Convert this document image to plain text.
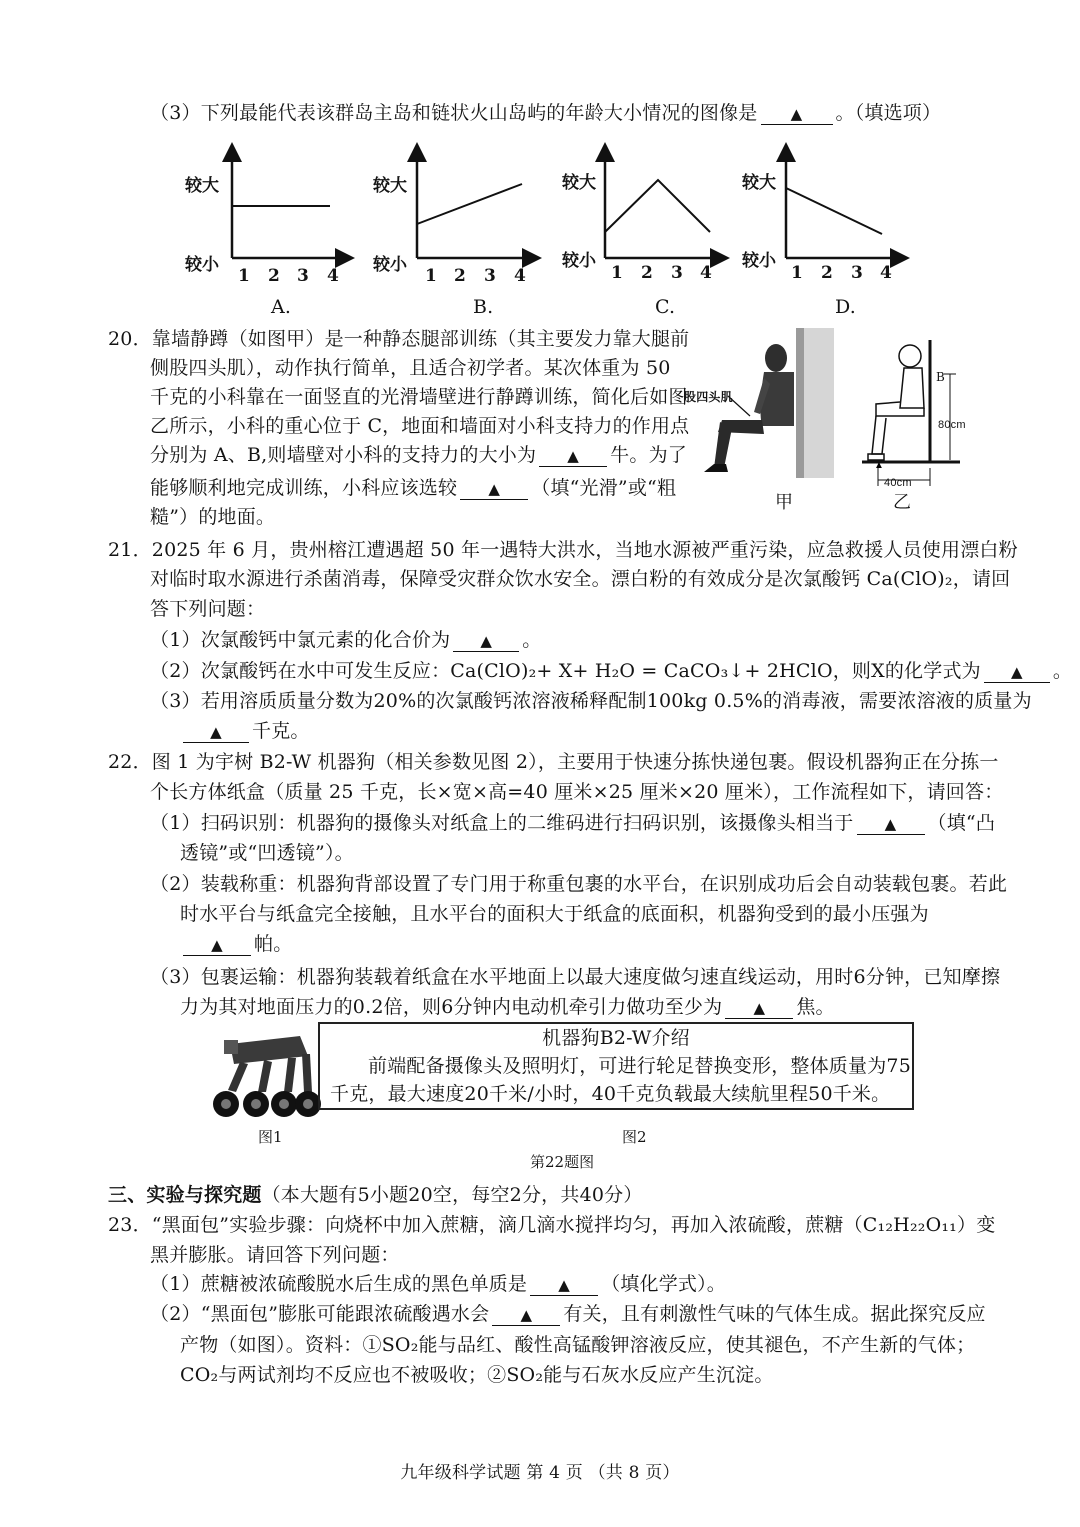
（3）下列最能代表该群岛主岛和链状火山岛屿的年龄大小情况的图像是 ▲ 。（填选项）
较大
较小
较大
较小
较大
较小
较大
较小
1 2 3 4	1 2 3 4	1 2 3 4	1 2 3 4
A.	B.	C.	D.
20．靠墙静蹲（如图甲）是一种静态腿部训练（其主要发力靠大腿前
侧股四头肌），动作执行简单，且适合初学者。某次体重为 50
千克的小科靠在一面竖直的光滑墙壁进行静蹲训练，简化后如图
乙所示，小科的重心位于 C，地面和墙面对小科支持力的作用点
分别为 A、B,则墙壁对小科的支持力的大小为 ▲ 牛。为了
能够顺利地完成训练，小科应该选较 ▲ （填“光滑”或“粗
糙”）的地面。
股四头肌
甲
▲
B
80cm
40cm
乙
21．2025 年 6 月，贵州榕江遭遇超 50 年一遇特大洪水，当地水源被严重污染，应急救援人员使用漂白粉
对临时取水源进行杀菌消毒，保障受灾群众饮水安全。漂白粉的有效成分是次氯酸钙 Ca(ClO)₂，请回
答下列问题：
（1）次氯酸钙中氯元素的化合价为 ▲ 。
（2）次氯酸钙在水中可发生反应：Ca(ClO)₂+ X+ H₂O = CaCO₃↓+ 2HClO，则X的化学式为 ▲ 。
（3）若用溶质质量分数为20%的次氯酸钙浓溶液稀释配制100kg 0.5%的消毒液，需要浓溶液的质量为
▲ 千克。
22．图 1 为宇树 B2-W 机器狗（相关参数见图 2），主要用于快速分拣快递包裹。假设机器狗正在分拣一
个长方体纸盒（质量 25 千克，长×宽×高=40 厘米×25 厘米×20 厘米），工作流程如下，请回答：
（1）扫码识别：机器狗的摄像头对纸盒上的二维码进行扫码识别，该摄像头相当于 ▲ （填“凸
透镜”或“凹透镜”）。
（2）装载称重：机器狗背部设置了专门用于称重包裹的水平台，在识别成功后会自动装载包裹。若此
时水平台与纸盒完全接触，且水平台的面积大于纸盒的底面积，机器狗受到的最小压强为
▲ 帕。
（3）包裹运输：机器狗装载着纸盒在水平地面上以最大速度做匀速直线运动，用时6分钟，已知摩擦
力为其对地面压力的0.2倍，则6分钟内电动机牵引力做功至少为 ▲ 焦。
机器狗B2-W介绍
前端配备摄像头及照明灯，可进行轮足替换变形，整体质量为75
千克，最大速度20千米/小时，40千克负载最大续航里程50千米。
图1	图2
第22题图
三、实验与探究题（本大题有5小题20空，每空2分，共40分）
23．“黑面包”实验步骤：向烧杯中加入蔗糖，滴几滴水搅拌均匀，再加入浓硫酸，蔗糖（C₁₂H₂₂O₁₁）变
黑并膨胀。请回答下列问题：
（1）蔗糖被浓硫酸脱水后生成的黑色单质是 ▲ （填化学式）。
（2）“黑面包”膨胀可能跟浓硫酸遇水会 ▲ 有关，且有刺激性气味的气体生成。据此探究反应
产物（如图）。资料：①SO₂能与品红、酸性高锰酸钾溶液反应，使其褪色，不产生新的气体；
CO₂与两试剂均不反应也不被吸收；②SO₂能与石灰水反应产生沉淀。
九年级科学试题 第 4 页 （共 8 页）
